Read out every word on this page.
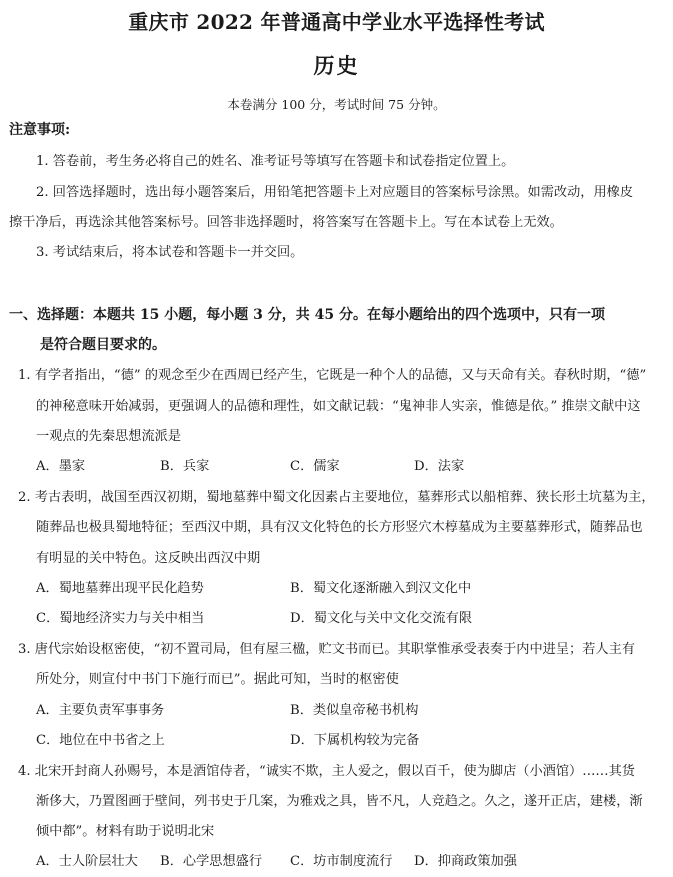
重庆市 2022 年普通高中学业水平选择性考试
历史
本卷满分 100 分，考试时间 75 分钟。
注意事项:
1. 答卷前，考生务必将自己的姓名、准考证号等填写在答题卡和试卷指定位置上。
2. 回答选择题时，选出每小题答案后，用铅笔把答题卡上对应题目的答案标号涂黑。如需改动，用橡皮
擦干净后，再选涂其他答案标号。回答非选择题时，将答案写在答题卡上。写在本试卷上无效。
3. 考试结束后，将本试卷和答题卡一并交回。
一、选择题：本题共 15 小题，每小题 3 分，共 45 分。在每小题给出的四个选项中，只有一项
是符合题目要求的。
1. 有学者指出，“德” 的观念至少在西周已经产生，它既是一种个人的品德，又与天命有关。春秋时期，“德”
的神秘意味开始减弱，更强调人的品德和理性，如文献记载：“鬼神非人实亲，惟德是依。” 推崇文献中这
一观点的先秦思想流派是
A．墨家	B．兵家	C．儒家	D．法家
2. 考古表明，战国至西汉初期，蜀地墓葬中蜀文化因素占主要地位，墓葬形式以船棺葬、狭长形土坑墓为主，
随葬品也极具蜀地特征；至西汉中期，具有汉文化特色的长方形竖穴木椁墓成为主要墓葬形式，随葬品也
有明显的关中特色。这反映出西汉中期
A．蜀地墓葬出现平民化趋势	B．蜀文化逐渐融入到汉文化中
C．蜀地经济实力与关中相当	D．蜀文化与关中文化交流有限
3. 唐代宗始设枢密使，“初不置司局，但有屋三楹，贮文书而已。其职掌惟承受表奏于内中进呈；若人主有
所处分，则宣付中书门下施行而已”。据此可知，当时的枢密使
A．主要负责军事事务	B．类似皇帝秘书机构
C．地位在中书省之上	D．下属机构较为完备
4. 北宋开封商人孙赐号，本是酒馆侍者，“诚实不欺，主人爱之，假以百千，使为脚店（小酒馆）……其货
渐侈大，乃置图画于壁间，列书史于几案，为雅戏之具，皆不凡，人竞趋之。久之，遂开正店，建楼，渐
倾中都”。材料有助于说明北宋
A．士人阶层壮大 B．心学思想盛行 C．坊市制度流行 D．抑商政策加强
